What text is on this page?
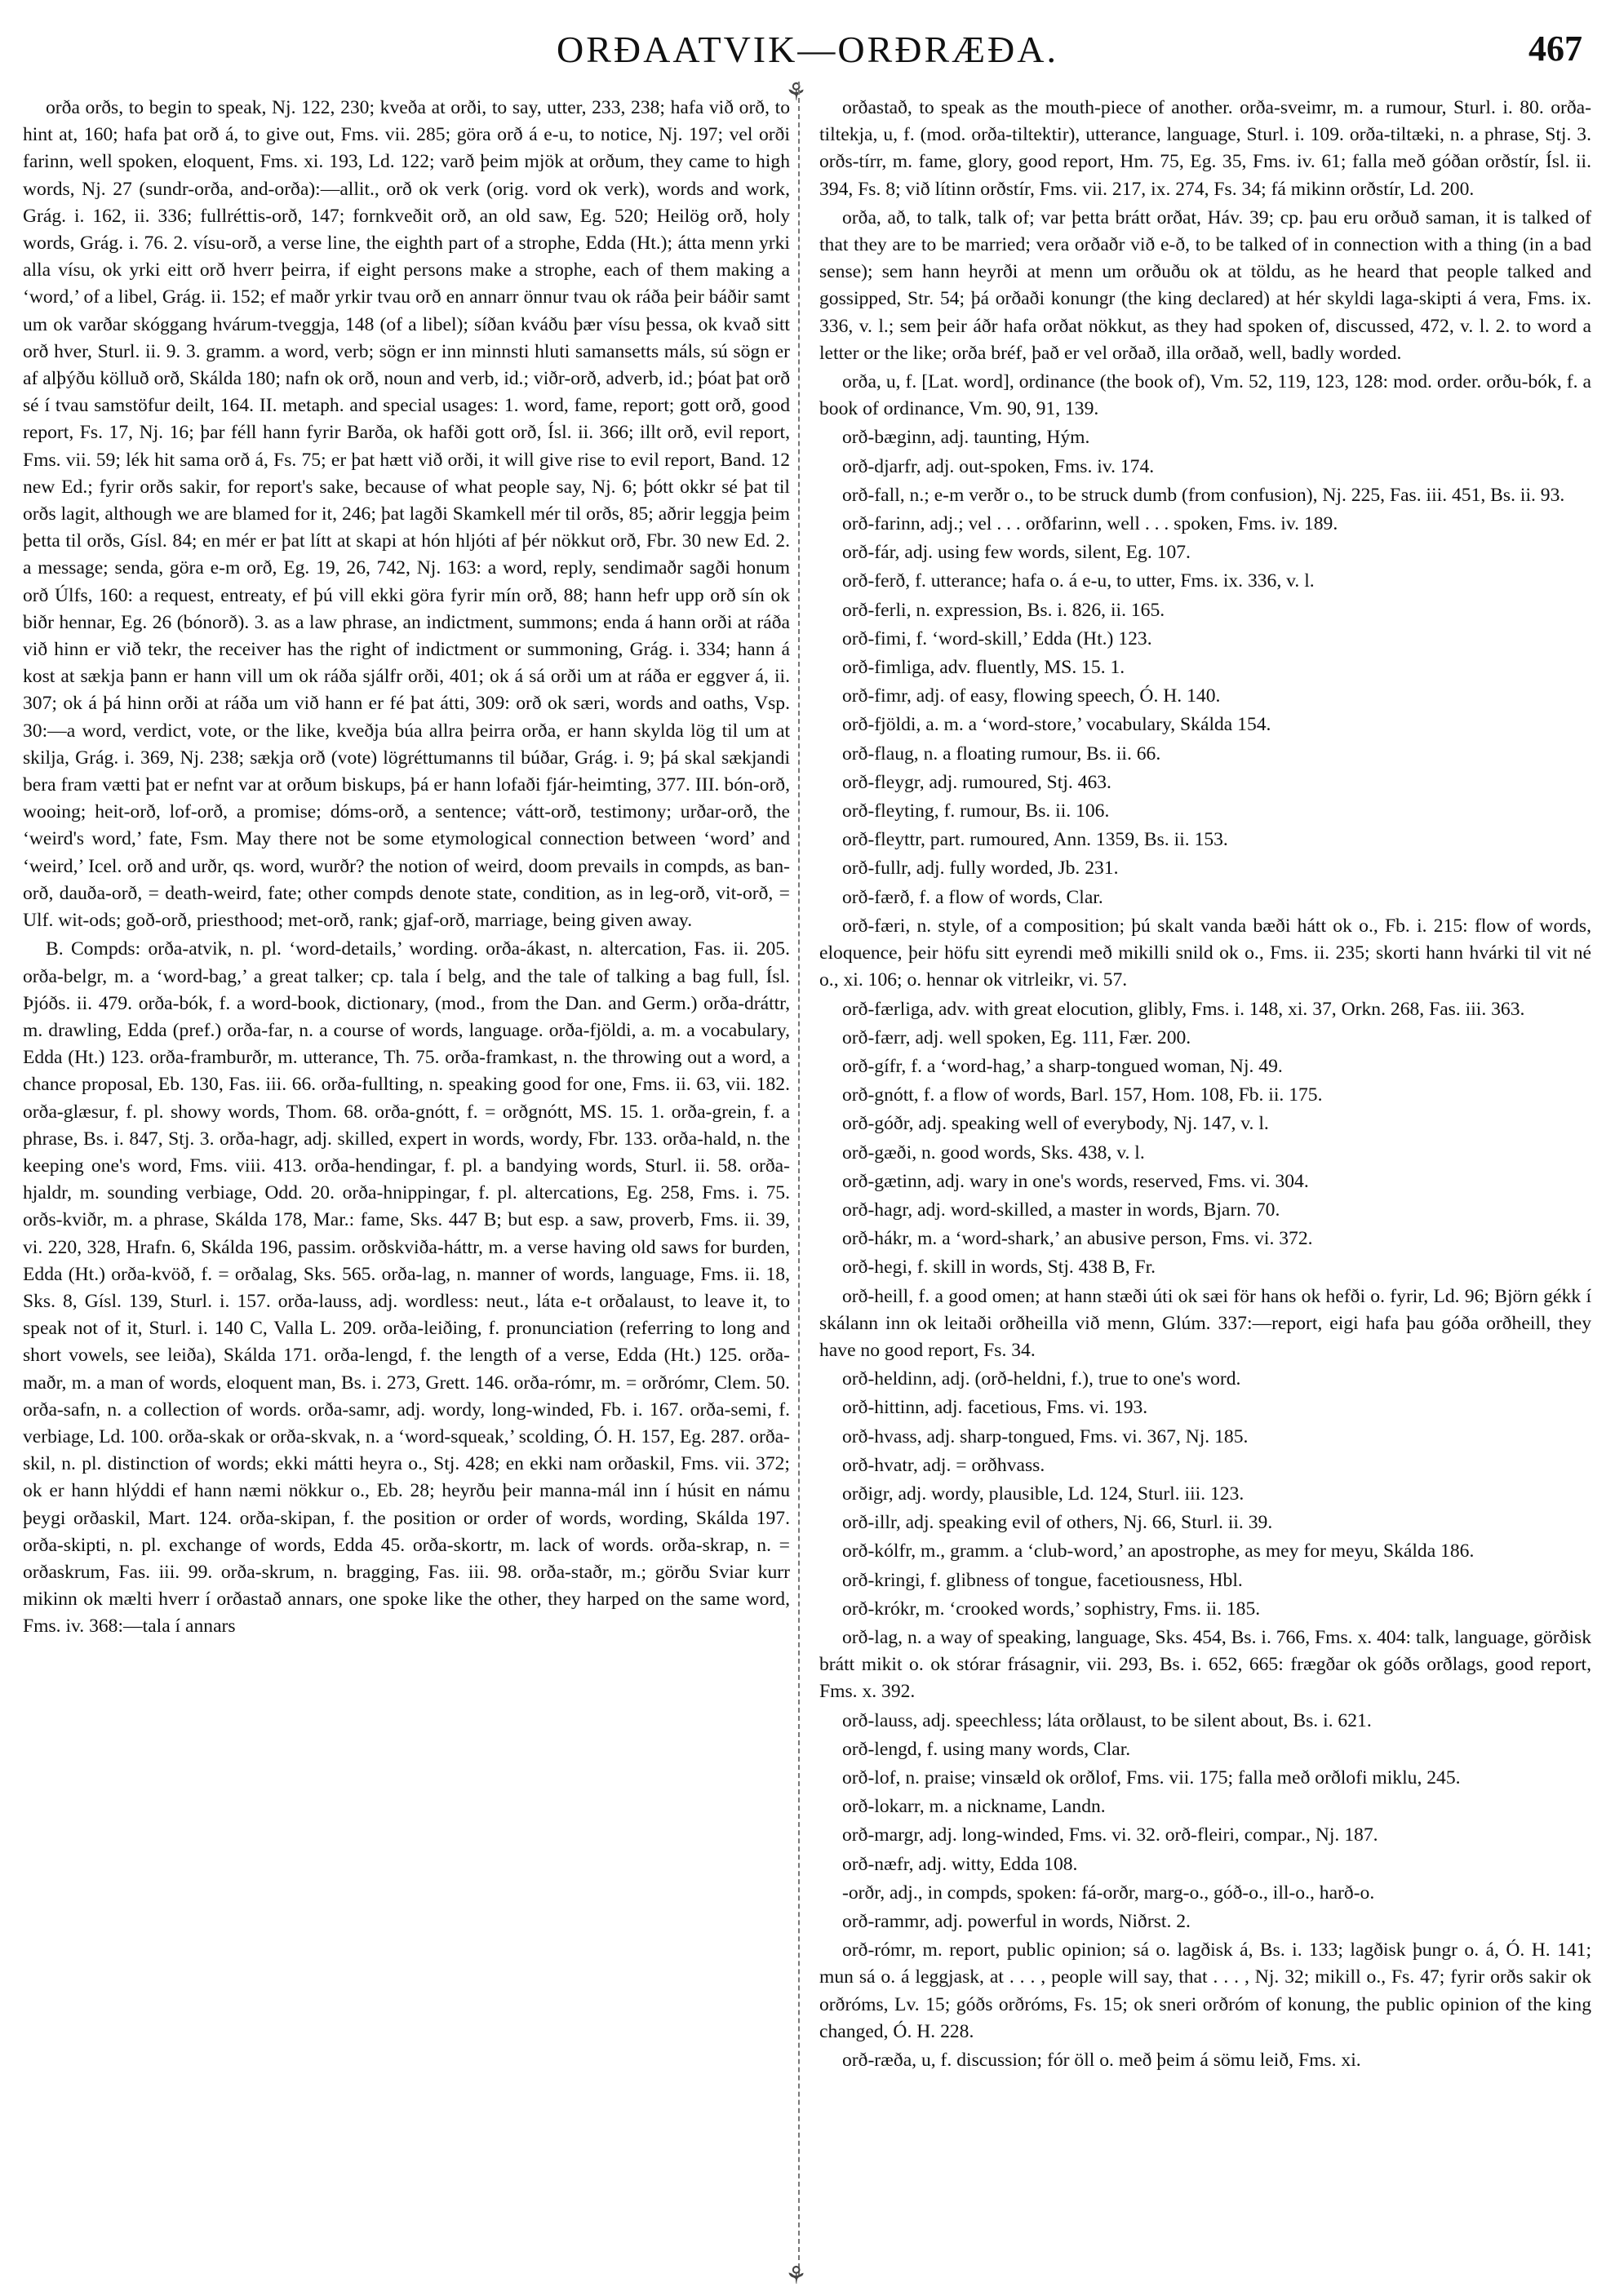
ORÐAATVIK—ORÐRÆÐA.	467
⚘
⚘

orða orðs, to begin to speak, Nj. 122, 230; kveða at orði, to say, utter, 233, 238; hafa við orð, to hint at, 160; hafa þat orð á, to give out, Fms. vii. 285; göra orð á e-u, to notice, Nj. 197; vel orði farinn, well spoken, eloquent, Fms. xi. 193, Ld. 122; varð þeim mjök at orðum, they came to high words, Nj. 27 (sundr-orða, and-orða):—allit., orð ok verk (orig. vord ok verk), words and work, Grág. i. 162, ii. 336; fullréttis-orð, 147; fornkveðit orð, an old saw, Eg. 520; Heilög orð, holy words, Grág. i. 76. 2. vísu-orð, a verse line, the eighth part of a strophe, Edda (Ht.); átta menn yrki alla vísu, ok yrki eitt orð hverr þeirra, if eight persons make a strophe, each of them making a ‘word,’ of a libel, Grág. ii. 152; ef maðr yrkir tvau orð en annarr önnur tvau ok ráða þeir báðir samt um ok varðar skóggang hvárum-tveggja, 148 (of a libel); síðan kváðu þær vísu þessa, ok kvað sitt orð hver, Sturl. ii. 9. 3. gramm. a word, verb; sögn er inn minnsti hluti samansetts máls, sú sögn er af alþýðu kölluð orð, Skálda 180; nafn ok orð, noun and verb, id.; viðr-orð, adverb, id.; þóat þat orð sé í tvau samstöfur deilt, 164. II. metaph. and special usages: 1. word, fame, report; gott orð, good report, Fs. 17, Nj. 16; þar féll hann fyrir Barða, ok hafði gott orð, Ísl. ii. 366; illt orð, evil report, Fms. vii. 59; lék hit sama orð á, Fs. 75; er þat hætt við orði, it will give rise to evil report, Band. 12 new Ed.; fyrir orðs sakir, for report's sake, because of what people say, Nj. 6; þótt okkr sé þat til orðs lagit, although we are blamed for it, 246; þat lagði Skamkell mér til orðs, 85; aðrir leggja þeim þetta til orðs, Gísl. 84; en mér er þat lítt at skapi at hón hljóti af þér nökkut orð, Fbr. 30 new Ed. 2. a message; senda, göra e-m orð, Eg. 19, 26, 742, Nj. 163: a word, reply, sendimaðr sagði honum orð Úlfs, 160: a request, entreaty, ef þú vill ekki göra fyrir mín orð, 88; hann hefr upp orð sín ok biðr hennar, Eg. 26 (bónorð). 3. as a law phrase, an indictment, summons; enda á hann orði at ráða við hinn er við tekr, the receiver has the right of indictment or summoning, Grág. i. 334; hann á kost at sækja þann er hann vill um ok ráða sjálfr orði, 401; ok á sá orði um at ráða er eggver á, ii. 307; ok á þá hinn orði at ráða um við hann er fé þat átti, 309: orð ok særi, words and oaths, Vsp. 30:—a word, verdict, vote, or the like, kveðja búa allra þeirra orða, er hann skylda lög til um at skilja, Grág. i. 369, Nj. 238; sækja orð (vote) lögréttumanns til búðar, Grág. i. 9; þá skal sækjandi bera fram vætti þat er nefnt var at orðum biskups, þá er hann lofaði fjár-heimting, 377. III. bón-orð, wooing; heit-orð, lof-orð, a promise; dóms-orð, a sentence; vátt-orð, testimony; urðar-orð, the ‘weird's word,’ fate, Fsm. May there not be some etymological connection between ‘word’ and ‘weird,’ Icel. orð and urðr, qs. word, wurðr? the notion of weird, doom prevails in compds, as ban-orð, dauða-orð, = death-weird, fate; other compds denote state, condition, as in leg-orð, vit-orð, = Ulf. wit-ods; goð-orð, priesthood; met-orð, rank; gjaf-orð, marriage, being given away.

B. Compds: orða-atvik, n. pl. ‘word-details,’ wording. orða-ákast, n. altercation, Fas. ii. 205. orða-belgr, m. a ‘word-bag,’ a great talker; cp. tala í belg, and the tale of talking a bag full, Ísl. Þjóðs. ii. 479. orða-bók, f. a word-book, dictionary, (mod., from the Dan. and Germ.) orða-dráttr, m. drawling, Edda (pref.) orða-far, n. a course of words, language. orða-fjöldi, a. m. a vocabulary, Edda (Ht.) 123. orða-framburðr, m. utterance, Th. 75. orða-framkast, n. the throwing out a word, a chance proposal, Eb. 130, Fas. iii. 66. orða-fullting, n. speaking good for one, Fms. ii. 63, vii. 182. orða-glæsur, f. pl. showy words, Thom. 68. orða-gnótt, f. = orðgnótt, MS. 15. 1. orða-grein, f. a phrase, Bs. i. 847, Stj. 3. orða-hagr, adj. skilled, expert in words, wordy, Fbr. 133. orða-hald, n. the keeping one's word, Fms. viii. 413. orða-hendingar, f. pl. a bandying words, Sturl. ii. 58. orða-hjaldr, m. sounding verbiage, Odd. 20. orða-hnippingar, f. pl. altercations, Eg. 258, Fms. i. 75. orðs-kviðr, m. a phrase, Skálda 178, Mar.: fame, Sks. 447 B; but esp. a saw, proverb, Fms. ii. 39, vi. 220, 328, Hrafn. 6, Skálda 196, passim. orðskviða-háttr, m. a verse having old saws for burden, Edda (Ht.) orða-kvöð, f. = orðalag, Sks. 565. orða-lag, n. manner of words, language, Fms. ii. 18, Sks. 8, Gísl. 139, Sturl. i. 157. orða-lauss, adj. wordless: neut., láta e-t orðalaust, to leave it, to speak not of it, Sturl. i. 140 C, Valla L. 209. orða-leiðing, f. pronunciation (referring to long and short vowels, see leiða), Skálda 171. orða-lengd, f. the length of a verse, Edda (Ht.) 125. orða-maðr, m. a man of words, eloquent man, Bs. i. 273, Grett. 146. orða-rómr, m. = orðrómr, Clem. 50. orða-safn, n. a collection of words. orða-samr, adj. wordy, long-winded, Fb. i. 167. orða-semi, f. verbiage, Ld. 100. orða-skak or orða-skvak, n. a ‘word-squeak,’ scolding, Ó. H. 157, Eg. 287. orða-skil, n. pl. distinction of words; ekki mátti heyra o., Stj. 428; en ekki nam orðaskil, Fms. vii. 372; ok er hann hlýddi ef hann næmi nökkur o., Eb. 28; heyrðu þeir manna-mál inn í húsit en námu þeygi orðaskil, Mart. 124. orða-skipan, f. the position or order of words, wording, Skálda 197. orða-skipti, n. pl. exchange of words, Edda 45. orða-skortr, m. lack of words. orða-skrap, n. = orðaskrum, Fas. iii. 99. orða-skrum, n. bragging, Fas. iii. 98. orða-staðr, m.; görðu Sviar kurr mikinn ok mælti hverr í orðastað annars, one spoke like the other, they harped on the same word, Fms. iv. 368:—tala í annars

orðastað, to speak as the mouth-piece of another. orða-sveimr, m. a rumour, Sturl. i. 80. orða-tiltekja, u, f. (mod. orða-tiltektir), utterance, language, Sturl. i. 109. orða-tiltæki, n. a phrase, Stj. 3. orðs-tírr, m. fame, glory, good report, Hm. 75, Eg. 35, Fms. iv. 61; falla með góðan orðstír, Ísl. ii. 394, Fs. 8; við lítinn orðstír, Fms. vii. 217, ix. 274, Fs. 34; fá mikinn orðstír, Ld. 200.

orða, að, to talk, talk of; var þetta brátt orðat, Háv. 39; cp. þau eru orðuð saman, it is talked of that they are to be married; vera orðaðr við e-ð, to be talked of in connection with a thing (in a bad sense); sem hann heyrði at menn um orðuðu ok at töldu, as he heard that people talked and gossipped, Str. 54; þá orðaði konungr (the king declared) at hér skyldi laga-skipti á vera, Fms. ix. 336, v. l.; sem þeir áðr hafa orðat nökkut, as they had spoken of, discussed, 472, v. l. 2. to word a letter or the like; orða bréf, það er vel orðað, illa orðað, well, badly worded.

orða, u, f. [Lat. word], ordinance (the book of), Vm. 52, 119, 123, 128: mod. order. orðu-bók, f. a book of ordinance, Vm. 90, 91, 139.

orð-bæginn, adj. taunting, Hým.

orð-djarfr, adj. out-spoken, Fms. iv. 174.

orð-fall, n.; e-m verðr o., to be struck dumb (from confusion), Nj. 225, Fas. iii. 451, Bs. ii. 93.

orð-farinn, adj.; vel . . . orðfarinn, well . . . spoken, Fms. iv. 189.

orð-fár, adj. using few words, silent, Eg. 107.

orð-ferð, f. utterance; hafa o. á e-u, to utter, Fms. ix. 336, v. l.

orð-ferli, n. expression, Bs. i. 826, ii. 165.

orð-fimi, f. ‘word-skill,’ Edda (Ht.) 123.

orð-fimliga, adv. fluently, MS. 15. 1.

orð-fimr, adj. of easy, flowing speech, Ó. H. 140.

orð-fjöldi, a. m. a ‘word-store,’ vocabulary, Skálda 154.

orð-flaug, n. a floating rumour, Bs. ii. 66.

orð-fleygr, adj. rumoured, Stj. 463.

orð-fleyting, f. rumour, Bs. ii. 106.

orð-fleyttr, part. rumoured, Ann. 1359, Bs. ii. 153.

orð-fullr, adj. fully worded, Jb. 231.

orð-færð, f. a flow of words, Clar.

orð-færi, n. style, of a composition; þú skalt vanda bæði hátt ok o., Fb. i. 215: flow of words, eloquence, þeir höfu sitt eyrendi með mikilli snild ok o., Fms. ii. 235; skorti hann hvárki til vit né o., xi. 106; o. hennar ok vitrleikr, vi. 57.

orð-færliga, adv. with great elocution, glibly, Fms. i. 148, xi. 37, Orkn. 268, Fas. iii. 363.

orð-færr, adj. well spoken, Eg. 111, Fær. 200.

orð-gífr, f. a ‘word-hag,’ a sharp-tongued woman, Nj. 49.

orð-gnótt, f. a flow of words, Barl. 157, Hom. 108, Fb. ii. 175.

orð-góðr, adj. speaking well of everybody, Nj. 147, v. l.

orð-gæði, n. good words, Sks. 438, v. l.

orð-gætinn, adj. wary in one's words, reserved, Fms. vi. 304.

orð-hagr, adj. word-skilled, a master in words, Bjarn. 70.

orð-hákr, m. a ‘word-shark,’ an abusive person, Fms. vi. 372.

orð-hegi, f. skill in words, Stj. 438 B, Fr.

orð-heill, f. a good omen; at hann stæði úti ok sæi för hans ok hefði o. fyrir, Ld. 96; Björn gékk í skálann inn ok leitaði orðheilla við menn, Glúm. 337:—report, eigi hafa þau góða orðheill, they have no good report, Fs. 34.

orð-heldinn, adj. (orð-heldni, f.), true to one's word.

orð-hittinn, adj. facetious, Fms. vi. 193.

orð-hvass, adj. sharp-tongued, Fms. vi. 367, Nj. 185.

orð-hvatr, adj. = orðhvass.

orðigr, adj. wordy, plausible, Ld. 124, Sturl. iii. 123.

orð-illr, adj. speaking evil of others, Nj. 66, Sturl. ii. 39.

orð-kólfr, m., gramm. a ‘club-word,’ an apostrophe, as mey for meyu, Skálda 186.

orð-kringi, f. glibness of tongue, facetiousness, Hbl.

orð-krókr, m. ‘crooked words,’ sophistry, Fms. ii. 185.

orð-lag, n. a way of speaking, language, Sks. 454, Bs. i. 766, Fms. x. 404: talk, language, görðisk brátt mikit o. ok stórar frásagnir, vii. 293, Bs. i. 652, 665: frægðar ok góðs orðlags, good report, Fms. x. 392.

orð-lauss, adj. speechless; láta orðlaust, to be silent about, Bs. i. 621.

orð-lengd, f. using many words, Clar.

orð-lof, n. praise; vinsæld ok orðlof, Fms. vii. 175; falla með orðlofi miklu, 245.

orð-lokarr, m. a nickname, Landn.

orð-margr, adj. long-winded, Fms. vi. 32. orð-fleiri, compar., Nj. 187.

orð-næfr, adj. witty, Edda 108.

-orðr, adj., in compds, spoken: fá-orðr, marg-o., góð-o., ill-o., harð-o.

orð-rammr, adj. powerful in words, Niðrst. 2.

orð-rómr, m. report, public opinion; sá o. lagðisk á, Bs. i. 133; lagðisk þungr o. á, Ó. H. 141; mun sá o. á leggjask, at . . . , people will say, that . . . , Nj. 32; mikill o., Fs. 47; fyrir orðs sakir ok orðróms, Lv. 15; góðs orðróms, Fs. 15; ok sneri orðróm of konung, the public opinion of the king changed, Ó. H. 228.

orð-ræða, u, f. discussion; fór öll o. með þeim á sömu leið, Fms. xi.
